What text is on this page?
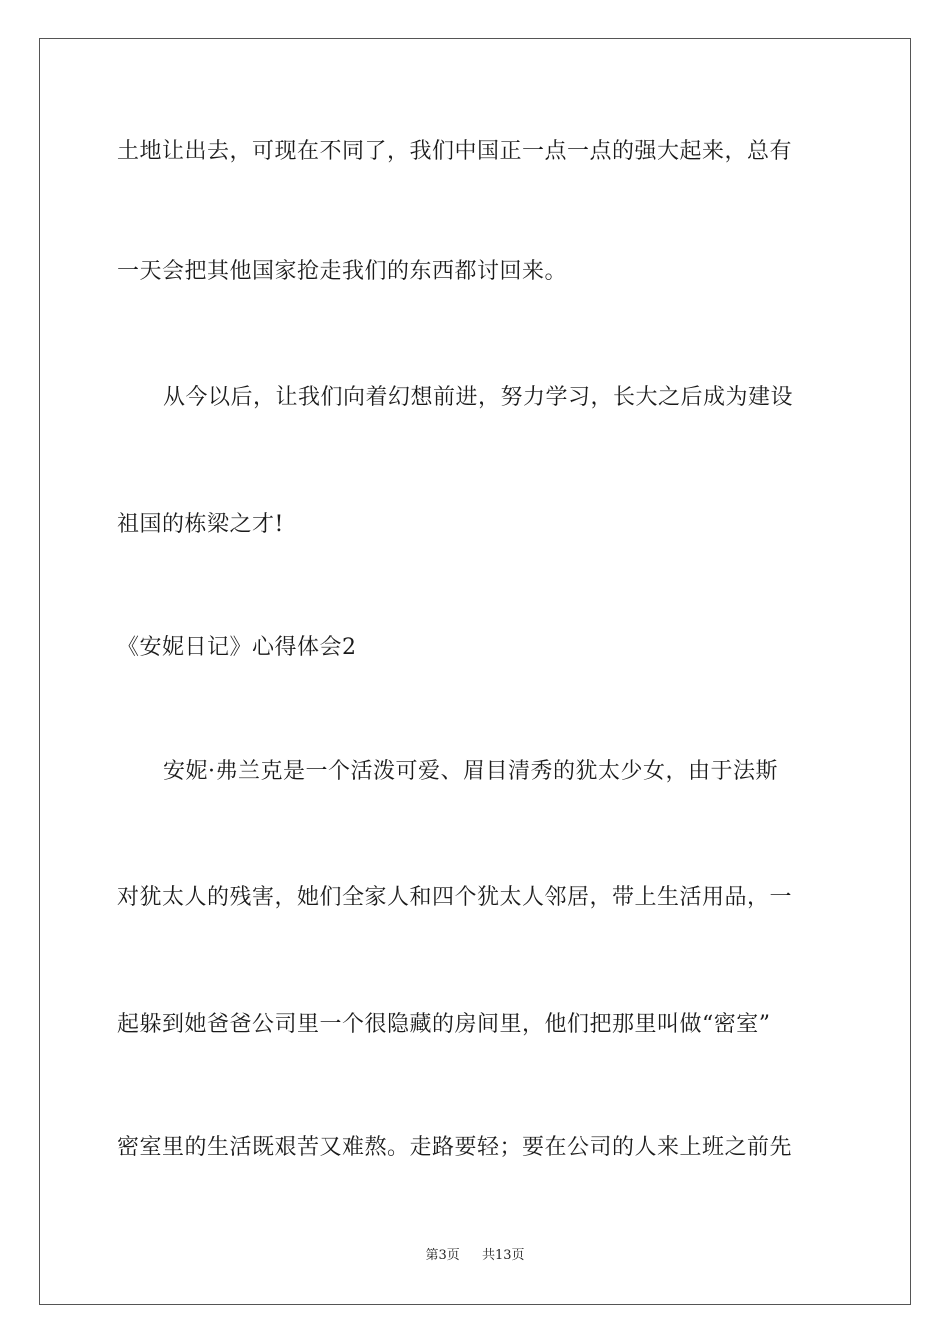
土地让出去，可现在不同了，我们中国正一点一点的强大起来，总有
一天会把其他国家抢走我们的东西都讨回来。
从今以后，让我们向着幻想前进，努力学习，长大之后成为建设
祖国的栋梁之才!
《安妮日记》心得体会2
安妮·弗兰克是一个活泼可爱、眉目清秀的犹太少女，由于法斯
对犹太人的残害，她们全家人和四个犹太人邻居，带上生活用品，一
起躲到她爸爸公司里一个很隐藏的房间里，他们把那里叫做“密室”
密室里的生活既艰苦又难熬。走路要轻；要在公司的人来上班之前先
第3页 共13页
